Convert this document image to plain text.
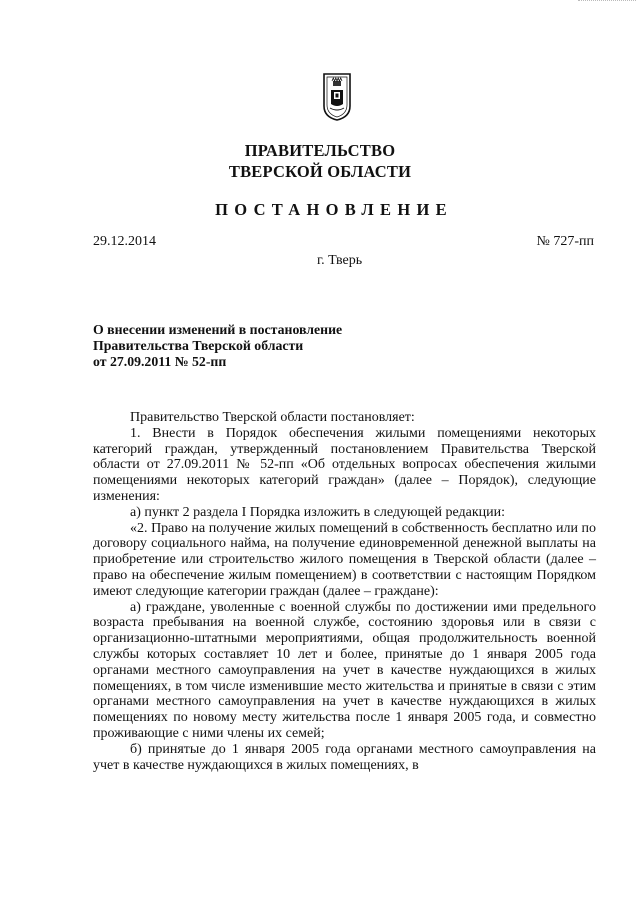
ПРАВИТЕЛЬСТВО
ТВЕРСКОЙ ОБЛАСТИ
ПОСТАНОВЛЕНИЕ
29.12.2014	№ 727-пп
г. Тверь
О внесении изменений в постановление
Правительства Тверской области
от 27.09.2011 № 52-пп

Правительство Тверской области постановляет:

1. Внести в Порядок обеспечения жилыми помещениями некоторых категорий граждан, утвержденный постановлением Правительства Тверской области от 27.09.2011 № 52-пп «Об отдельных вопросах обеспечения жилыми помещениями некоторых категорий граждан» (далее – Порядок), следующие изменения:

а) пункт 2 раздела I Порядка изложить в следующей редакции:

«2. Право на получение жилых помещений в собственность бесплатно или по договору социального найма, на получение единовременной денежной выплаты на приобретение или строительство жилого помещения в Тверской области (далее – право на обеспечение жилым помещением) в соответствии с настоящим Порядком имеют следующие категории граждан (далее – граждане):

а) граждане, уволенные с военной службы по достижении ими предельного возраста пребывания на военной службе, состоянию здоровья или в связи с организационно-штатными мероприятиями, общая продолжительность военной службы которых составляет 10 лет и более, принятые до 1 января 2005 года органами местного самоуправления на учет в качестве нуждающихся в жилых помещениях, в том числе изменившие место жительства и принятые в связи с этим органами местного самоуправления на учет в качестве нуждающихся в жилых помещениях по новому месту жительства после 1 января 2005 года, и совместно проживающие с ними члены их семей;

б) принятые до 1 января 2005 года органами местного самоуправления на учет в качестве нуждающихся в жилых помещениях, в
